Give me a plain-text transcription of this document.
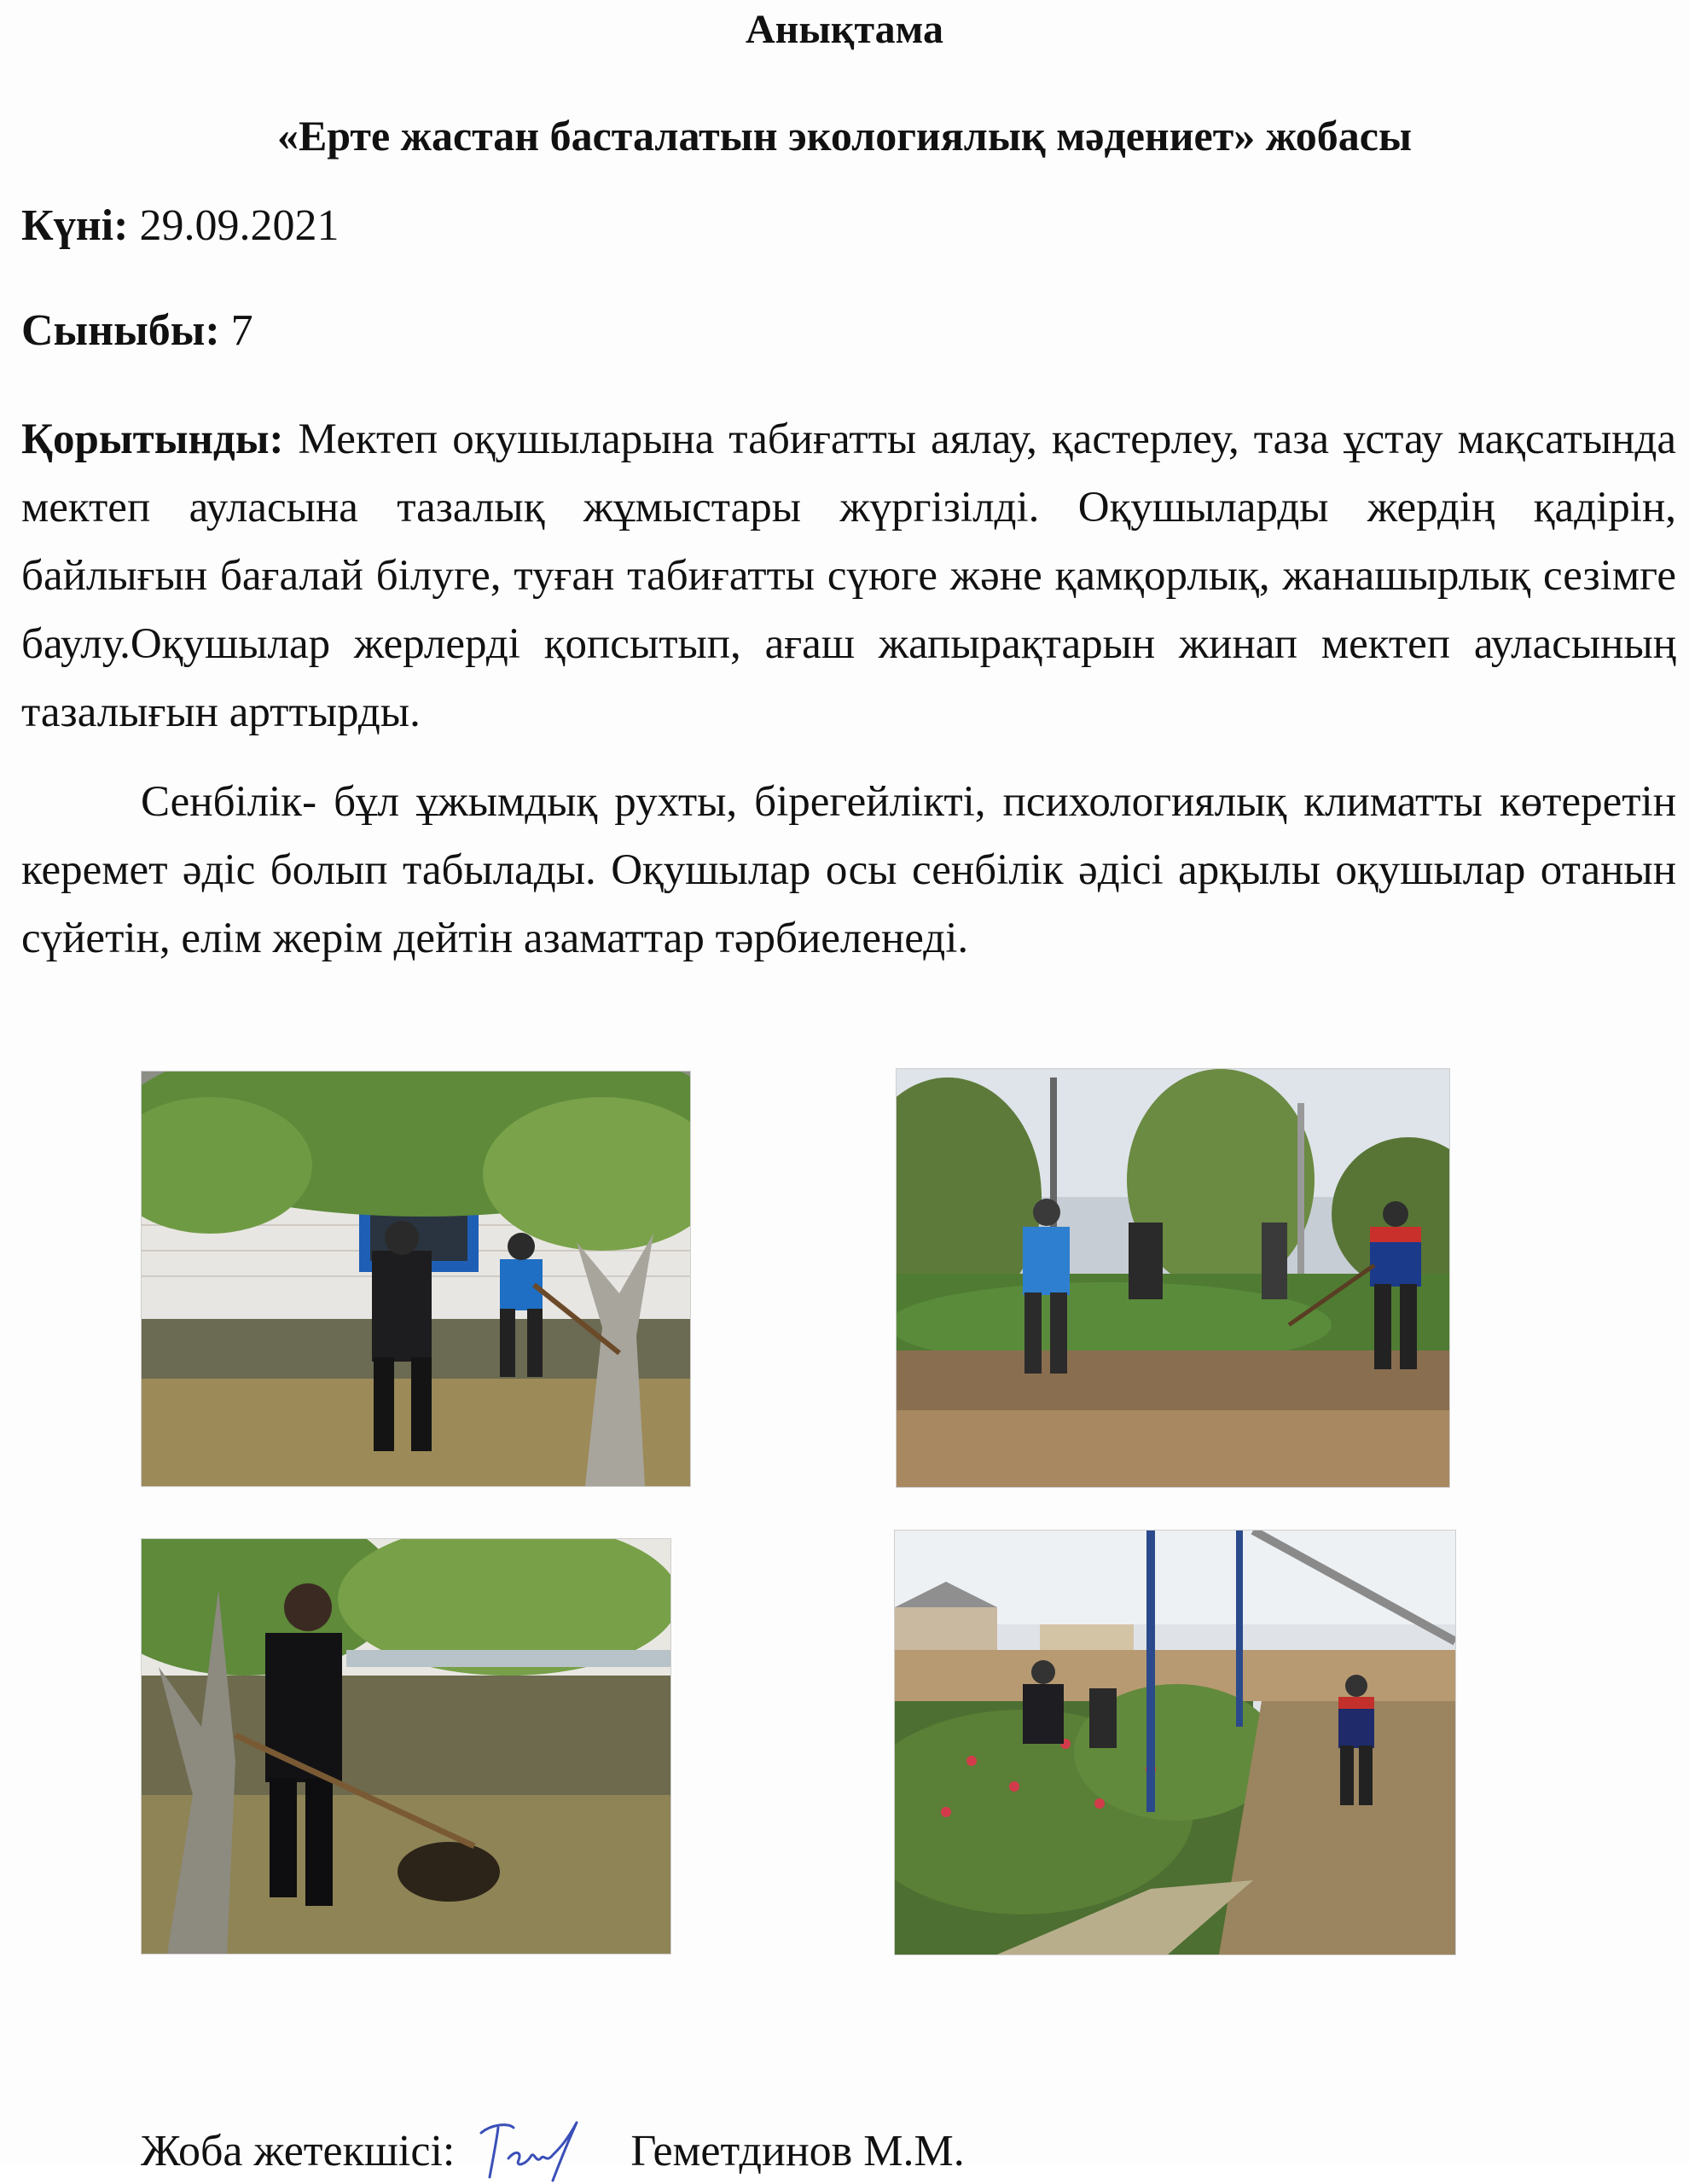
Анықтама
«Ерте жастан басталатын экологиялық мәдениет» жобасы
Күні: 29.09.2021
Сыныбы: 7
Қорытынды: Мектеп оқушыларына табиғатты аялау, қастерлеу, таза ұстау мақсатында мектеп ауласына тазалық жұмыстары жүргізілді. Оқушыларды жердің қадірін, байлығын бағалай білуге, туған табиғатты сүюге және қамқорлық, жанашырлық сезімге баулу.Оқушылар жерлерді қопсытып, ағаш жапырақтарын жинап мектеп ауласының тазалығын арттырды.
Сенбілік- бұл ұжымдық рухты, бірегейлікті, психологиялық климатты көтеретін керемет әдіс болып табылады. Оқушылар осы сенбілік әдісі арқылы оқушылар отанын сүйетін, елім жерім дейтін азаматтар тәрбиеленеді.
Жоба жетекшісі:	Геметдинов М.М.
